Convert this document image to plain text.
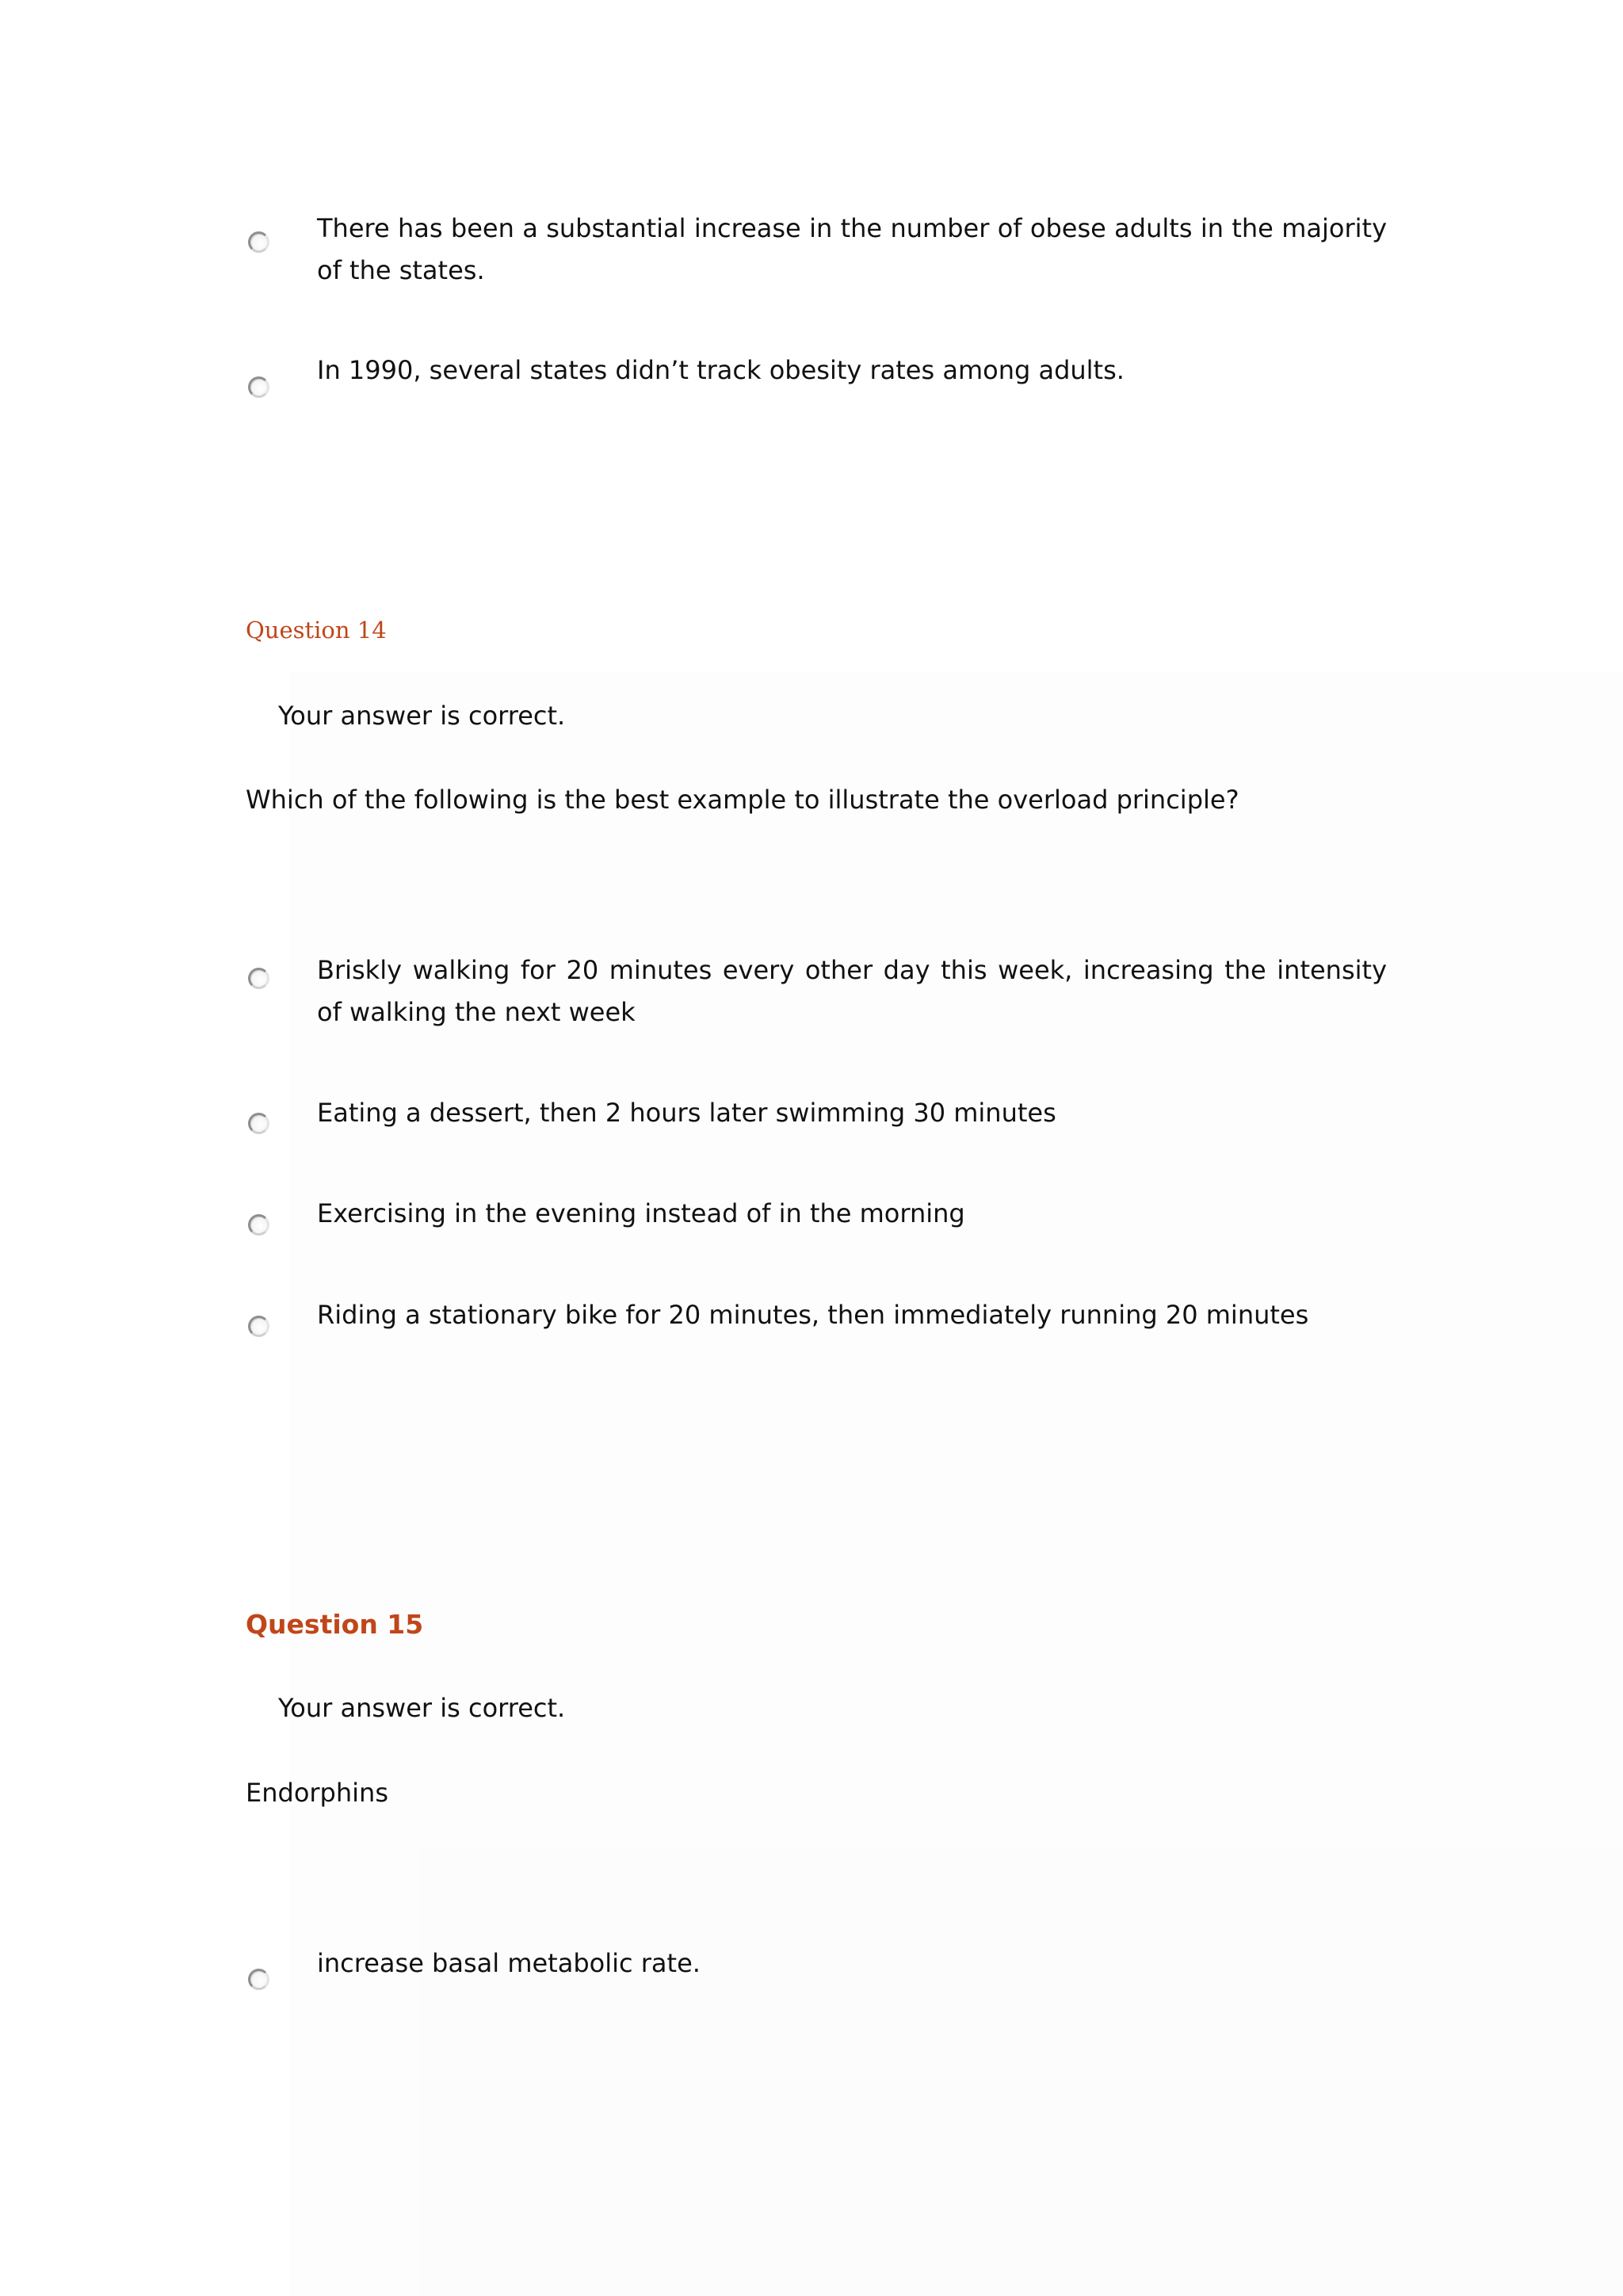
There has been a substantial increase in the number of obese adults in the majority of the states.
In 1990, several states didn’t track obesity rates among adults.
Question 14
Your answer is correct.
Which of the following is the best example to illustrate the overload principle?
Briskly walking for 20 minutes every other day this week, increasing the intensity of walking the next week
Eating a dessert, then 2 hours later swimming 30 minutes
Exercising in the evening instead of in the morning
Riding a stationary bike for 20 minutes, then immediately running 20 minutes
Question 15
Your answer is correct.
Endorphins
increase basal metabolic rate.
